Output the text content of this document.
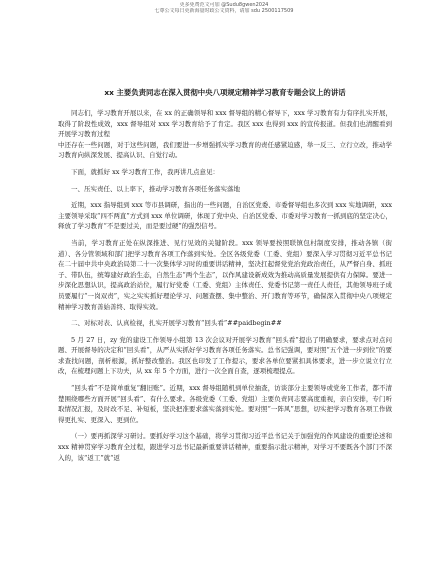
更多免费范文可加 @Sudu8gwen2024
七尊公文每日更新海量时政公文资料，请加 sdu 2500117509
xx 主要负责同志在深入贯彻中央八项规定精神学习教育专题会议上的讲话
同志们，学习教育开展以来，在 xx 的正确领导和 xxx 督导组的精心督导下，xxx 学习教育有力有序扎实开展，取得了阶段性成效，xxx 督导组对 xxx 学习教育给予了肯定。我区 xxx 也得到 xxx 的宣传报道。但我们也清醒看到开展学习教育过程
中还存在一些问题，对于这些问题，我们要进一步增强抓实学习教育的责任感紧迫感，举一反三、立行立改，推动学习教育向纵深发展、提高认识、自觉行动。
下面，就抓好 xx 学习教育工作，我再讲几点意见：
一、压实责任、以上率下，推动学习教育各项任务落实落地
近期，xxx 指导组到 xxx 等市县调研，指出的一些问题，自治区党委、市委督导组也多次到 xxx 实地调研，xxx 主要领导采取“四不两直”方式到 xxx 单位调研，体现了党中央、自治区党委、市委对学习教育一抓到底的坚定决心，释放了学习教育“不是要过关，而是要过硬”的强烈信号。
当前，学习教育正处在纵深推进、见行见效的关键阶段。xxx 领导要按照联镇包村制度安排，推动各镇（街道）、各分管领域和部门把学习教育各项工作落到实处。全区各级党委（工委、党组）要深入学习贯彻习近平总书记在二十届中共中央政治局第二十一次集体学习时的重要讲话精神，坚决扛起督党党治党政治责任，从严督自身、抓班子、带队伍，统筹建好政治生态，自然生态“两个生态”，以作风建设新成效为推动高质量发展提供有力保障。要进一步深化思想认识，提高政治站位，履行好党委（工委、党组）主体责任、党委书记第一责任人责任，其他领导班子成员要履行“一岗双责”，实之实实抓好理论学习、问题查摆、集中整治、开门教育等环节，确保深入贯彻中央八项规定精神学习教育善始善终、取得实效。
二、对标对表、认真检视，扎实开展学习教育“回头看”##paidbegin##
5 月 27 日，zy 党的建设工作领导小组第 13 次会议对开展学习教育“回头看”提出了明确要求，要求点对点问题、开展督导的决定和“回头看”，从严从实抓好学习教育各项任务落实。总书记强调，要对照“五个进一步到位”的要求查找问题，剖析根源，抓好整改整治。我区也印发了工作提示，要求各单位要紧扣具体要求，进一步立说立行立改，在梳理问题上下功夫，从 xx 年 5 个方面，进行一次全面自查，逐项梳理提点。
“回头看”不是简单重复“翻旧账”。近期，xxx 督导组随机到单位抽查，访谈部分主要领导或党务工作者，都不清楚围绕哪些方面开展“回头看”、有什么要求。各级党委（工委、党组）主要负责同志要高度重视，亲自安排，专门听取情况汇报，及时改不足、补短板，坚决把准要求落实落到实处。要对照“一阵风”思想，切实把学习教育各项工作做得更扎实、更深入、更到位。
（一）要再抓深学习研讨。要抓好学习这个基础，将学习贯彻习近平总书记关于加强党的作风建设的重要论述和 xxx 精神贯穿学习教育全过程，跟进学习总书记最新重要讲话精神，重要指示批示精神，对学习不要既各个部门不深入的，该“返工”就“返
